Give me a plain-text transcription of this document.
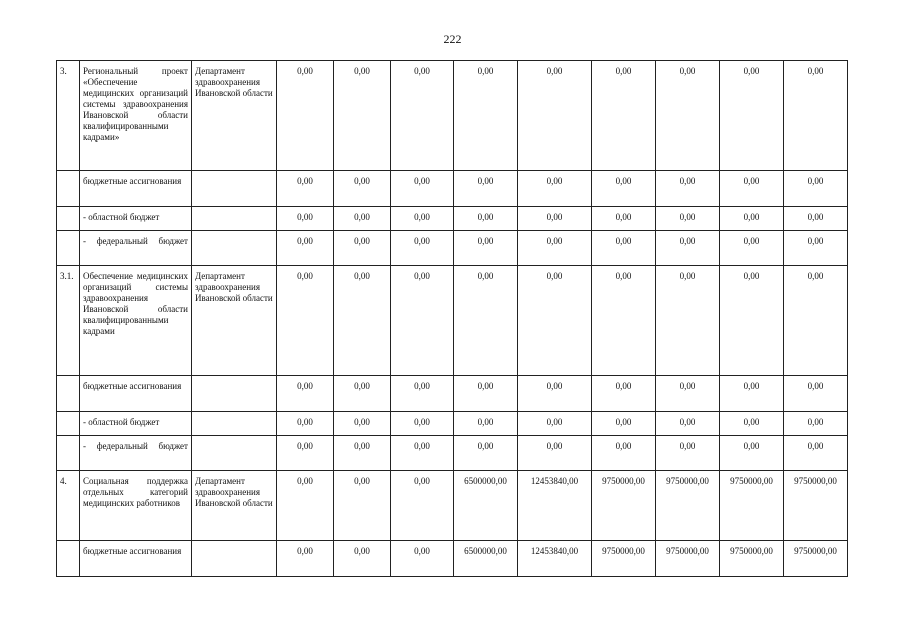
222
3.	Региональный проект «Обеспечение медицинских организаций системы здравоохранения Ивановской области квалифицированными кадрами»	Департамент здравоохранения Ивановской области	0,00	0,00	0,00	0,00	0,00	0,00	0,00	0,00	0,00
	бюджетные ассигнования		0,00	0,00	0,00	0,00	0,00	0,00	0,00	0,00	0,00
	- областной бюджет		0,00	0,00	0,00	0,00	0,00	0,00	0,00	0,00	0,00
	- федеральный бюджет		0,00	0,00	0,00	0,00	0,00	0,00	0,00	0,00	0,00
3.1.	Обеспечение медицинских организаций системы здравоохранения Ивановской области квалифицированными кадрами	Департамент здравоохранения Ивановской области	0,00	0,00	0,00	0,00	0,00	0,00	0,00	0,00	0,00
	бюджетные ассигнования		0,00	0,00	0,00	0,00	0,00	0,00	0,00	0,00	0,00
	- областной бюджет		0,00	0,00	0,00	0,00	0,00	0,00	0,00	0,00	0,00
	- федеральный бюджет		0,00	0,00	0,00	0,00	0,00	0,00	0,00	0,00	0,00
4.	Социальная поддержка отдельных категорий медицинских работников	Департамент здравоохранения Ивановской области	0,00	0,00	0,00	6500000,00	12453840,00	9750000,00	9750000,00	9750000,00	9750000,00
	бюджетные ассигнования		0,00	0,00	0,00	6500000,00	12453840,00	9750000,00	9750000,00	9750000,00	9750000,00
